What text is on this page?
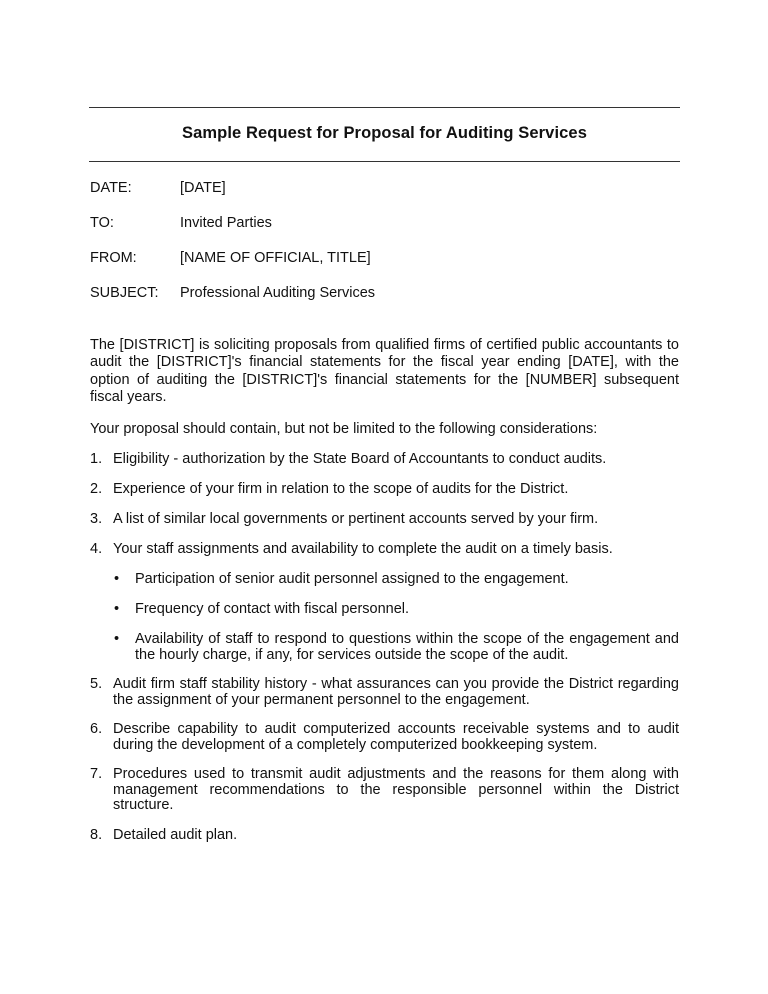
Sample Request for Proposal for Auditing Services
DATE:	[DATE]
TO:	Invited Parties
FROM:	[NAME OF OFFICIAL, TITLE]
SUBJECT: Professional Auditing Services
The [DISTRICT] is soliciting proposals from qualified firms of certified public accountants to audit the [DISTRICT]'s financial statements for the fiscal year ending [DATE], with the option of auditing the [DISTRICT]'s financial statements for the [NUMBER] subsequent fiscal years.
Your proposal should contain, but not be limited to the following considerations:
1. Eligibility - authorization by the State Board of Accountants to conduct audits.
2. Experience of your firm in relation to the scope of audits for the District.
3. A list of similar local governments or pertinent accounts served by your firm.
4. Your staff assignments and availability to complete the audit on a timely basis.
• Participation of senior audit personnel assigned to the engagement.
• Frequency of contact with fiscal personnel.
• Availability of staff to respond to questions within the scope of the engagement and the hourly charge, if any, for services outside the scope of the audit.
5. Audit firm staff stability history - what assurances can you provide the District regarding the assignment of your permanent personnel to the engagement.
6. Describe capability to audit computerized accounts receivable systems and to audit during the development of a completely computerized bookkeeping system.
7. Procedures used to transmit audit adjustments and the reasons for them along with management recommendations to the responsible personnel within the District structure.
8. Detailed audit plan.
